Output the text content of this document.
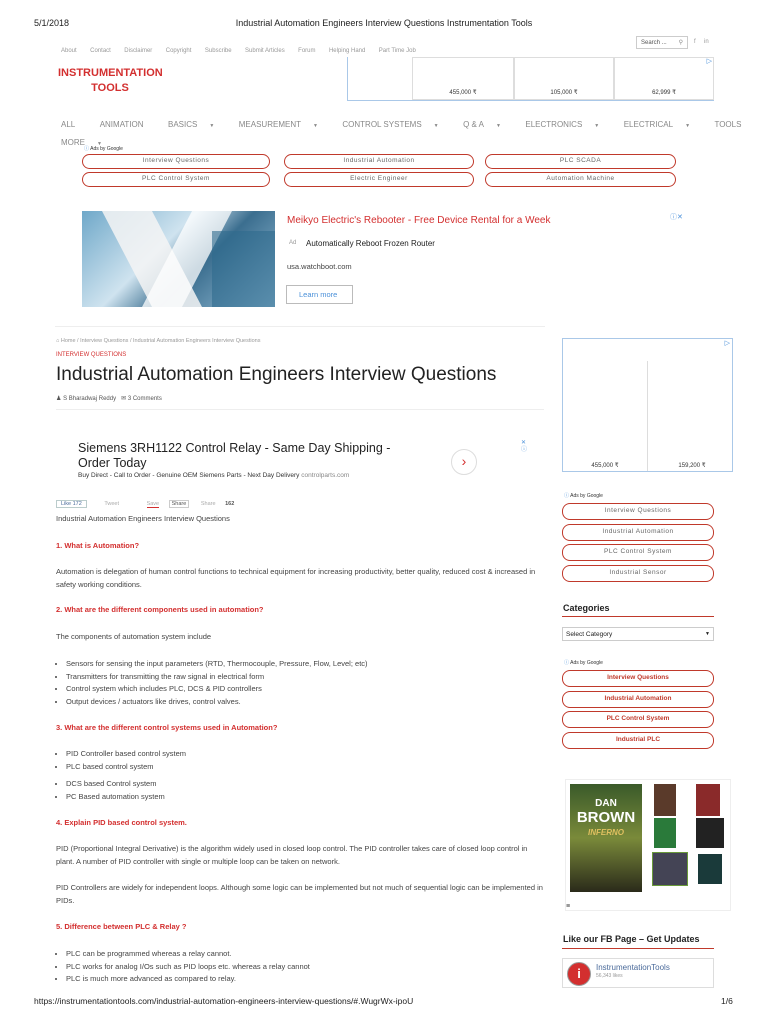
5/1/2018	Industrial Automation Engineers Interview Questions Instrumentation Tools
About Contact Disclaimer Copyright Subscribe Submit Articles Forum Helping Hand Part Time Job
Search ... ⚲ f in
INSTRUMENTATION
TOOLS	455,000 ₹	105,000 ₹	62,999 ₹
▷
ALL	ANIMATION	BASICS ▼	MEASUREMENT ▼	CONTROL SYSTEMS ▼	Q & A ▼	ELECTRONICS ▼	ELECTRICAL ▼	TOOLS MORE ▼
ⓘ Ads by Google
Interview Questions	Industrial Automation	PLC SCADA
PLC Control System	Electric Engineer	Automation Machine
Meikyo Electric's Rebooter - Free Device Rental for a Week	ⓘ✕
Ad Automatically Reboot Frozen Router
usa.watchboot.com
Learn more
⌂ Home / Interview Questions / Industrial Automation Engineers Interview Questions
INTERVIEW QUESTIONS
Industrial Automation Engineers Interview Questions
♟ S Bharadwaj Reddy ✉ 3 Comments
Siemens 3RH1122 Control Relay - Same Day Shipping -
Order Today
Buy Direct - Call to Order - Genuine OEM Siemens Parts - Next Day Delivery controlparts.com
›
✕
ⓘ
Like 172	Tweet	Save Share	Share 162
Industrial Automation Engineers Interview Questions
1. What is Automation?
Automation is delegation of human control functions to technical equipment for increasing productivity, better quality, reduced cost & increased in safety working conditions.
2. What are the different components used in automation?
The components of automation system include
• Sensors for sensing the input parameters (RTD, Thermocouple, Pressure, Flow, Level; etc)
• Transmitters for transmitting the raw signal in electrical form
• Control system which includes PLC, DCS & PID controllers
• Output devices / actuators like drives, control valves.
3. What are the different control systems used in Automation?
• PID Controller based control system
• PLC based control system
• DCS based Control system
• PC Based automation system
4. Explain PID based control system.
PID (Proportional Integral Derivative) is the algorithm widely used in closed loop control. The PID controller takes care of closed loop control in plant. A number of PID controller with single or multiple loop can be taken on network.
PID Controllers are widely for independent loops. Although some logic can be implemented but not much of sequential logic can be implemented in PIDs.
5. Difference between PLC & Relay ?
• PLC can be programmed whereas a relay cannot.
• PLC works for analog I/Os such as PID loops etc. whereas a relay cannot
• PLC is much more advanced as compared to relay.
455,000 ₹	159,200 ₹
▷
ⓘ Ads by Google
Interview Questions
Industrial Automation
PLC Control System
Industrial Sensor
Categories
Select Category	▼
ⓘ Ads by Google
Interview Questions
Industrial Automation
PLC Control System
Industrial PLC
DAN
BROWN
INFERNO
≡
Like our FB Page – Get Updates
i	InstrumentationTools
56,343 likes
https://instrumentationtools.com/industrial-automation-engineers-interview-questions/#.WugrWx-ipoU	1/6
